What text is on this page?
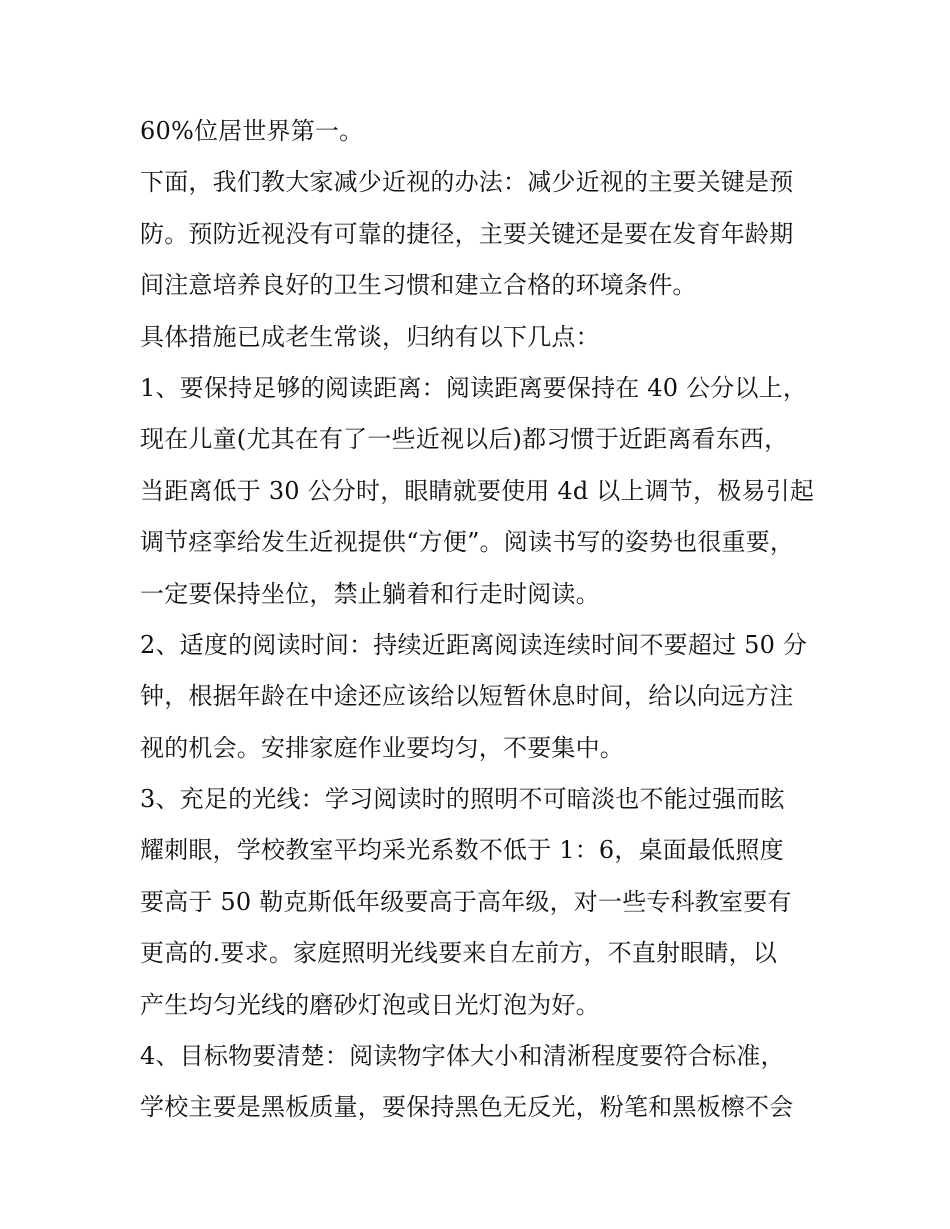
60%位居世界第一。
下面，我们教大家减少近视的办法：减少近视的主要关键是预
防。预防近视没有可靠的捷径，主要关键还是要在发育年龄期
间注意培养良好的卫生习惯和建立合格的环境条件。
具体措施已成老生常谈，归纳有以下几点：
1、要保持足够的阅读距离：阅读距离要保持在 40 公分以上，
现在儿童(尤其在有了一些近视以后)都习惯于近距离看东西，
当距离低于 30 公分时，眼睛就要使用 4d 以上调节，极易引起
调节痉挛给发生近视提供“方便”。阅读书写的姿势也很重要，
一定要保持坐位，禁止躺着和行走时阅读。
2、适度的阅读时间：持续近距离阅读连续时间不要超过 50 分
钟，根据年龄在中途还应该给以短暂休息时间，给以向远方注
视的机会。安排家庭作业要均匀，不要集中。
3、充足的光线：学习阅读时的照明不可暗淡也不能过强而眩
耀刺眼，学校教室平均采光系数不低于 1：6，桌面最低照度
要高于 50 勒克斯低年级要高于高年级，对一些专科教室要有
更高的.要求。家庭照明光线要来自左前方，不直射眼睛，以
产生均匀光线的磨砂灯泡或日光灯泡为好。
4、目标物要清楚：阅读物字体大小和清淅程度要符合标准，
学校主要是黑板质量，要保持黑色无反光，粉笔和黑板檫不会
